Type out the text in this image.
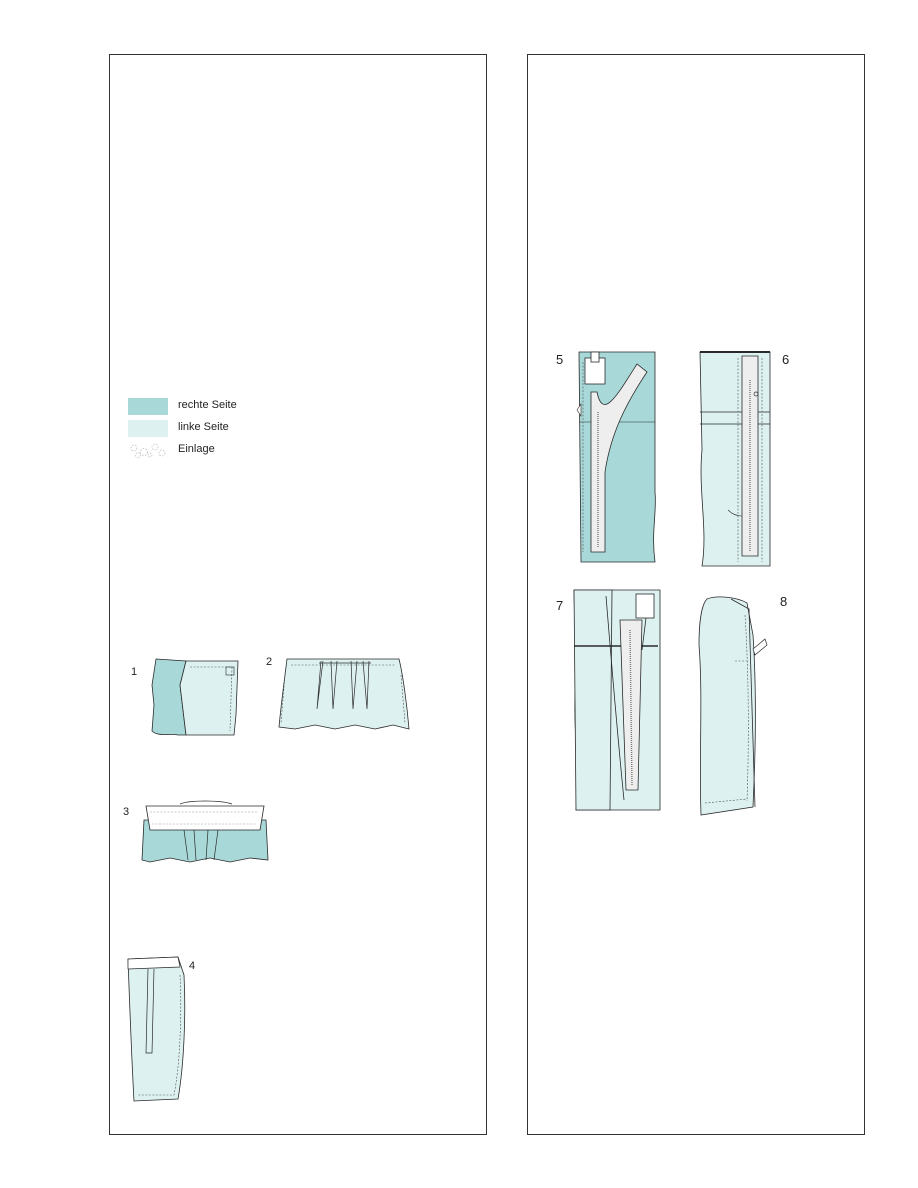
rechte Seite
linke Seite
Einlage
1
2
3
4
5	6
7	8
